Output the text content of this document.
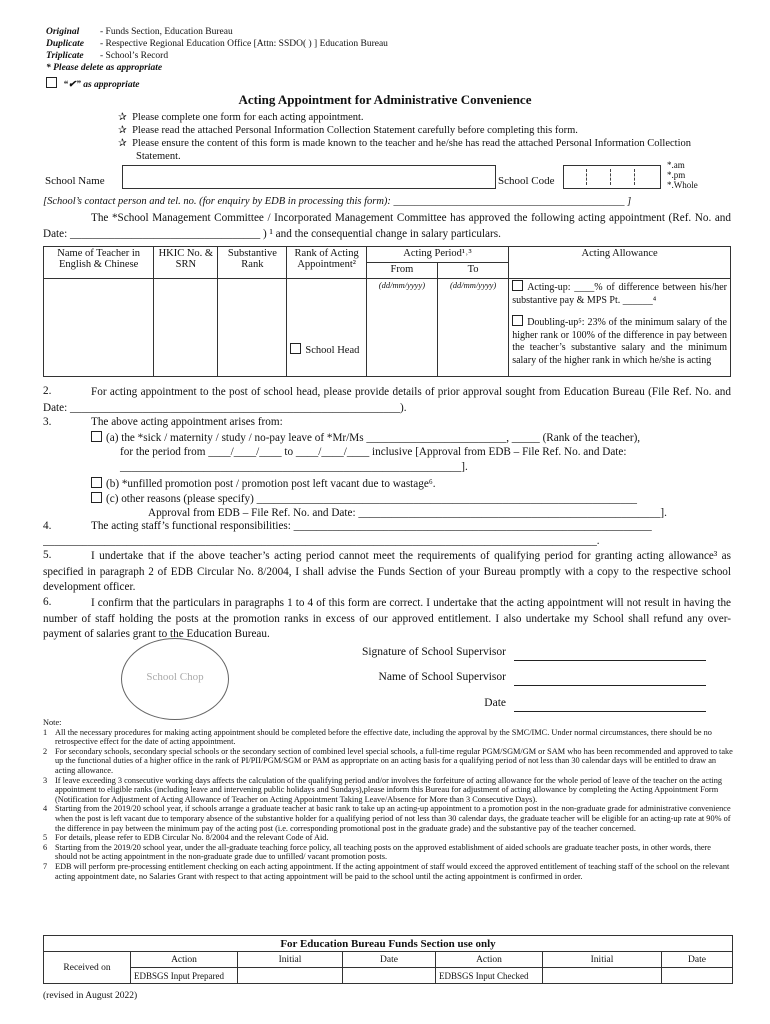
Original - Funds Section, Education Bureau
Duplicate - Respective Regional Education Office [Attn: SSDO( ) ] Education Bureau
Triplicate - School’s Record
* Please delete as appropriate
“✔” as appropriate
Acting Appointment for Administrative Convenience
✰  Please complete one form for each acting appointment.
✰  Please read the attached Personal Information Collection Statement carefully before completing this form.
✰  Please ensure the content of this form is made known to the teacher and he/she has read the attached Personal Information Collection Statement.
School Name	School Code
*.am
*.pm
*.Whole
[School’s contact person and tel. no. (for enquiry by EDB in processing this form): ____________________________________________ ]
The *School Management Committee / Incorporated Management Committee has approved the following acting appointment (Ref. No. and Date: __________________________________ ) ¹ and the consequential change in salary particulars.
Name of Teacher in English & Chinese	HKIC No. & SRN	Substantive Rank	Rank of Acting Appointment²	Acting Period¹˒³		Acting Allowance
				From	To	
			School Head	(dd/mm/yyyy)	(dd/mm/yyyy)	Acting-up: ____% of difference between his/her substantive pay & MPS Pt. ______⁴
Doubling-up⁵: 23% of the minimum salary of the higher rank or 100% of the difference in pay between the teacher’s substantive salary and the minimum salary of the higher rank in which he/she is acting
2.	For acting appointment to the post of school head, please provide details of prior approval sought from Education Bureau (File Ref. No. and Date: ___________________________________________________________).
3.	The above acting appointment arises from:
(a) the *sick / maternity / study / no-pay leave of *Mr/Ms _________________________, _____ (Rank of the teacher),
for the period from ____/____/____ to ____/____/____ inclusive [Approval from EDB – File Ref. No. and Date:
_____________________________________________________________].
(b) *unfilled promotion post / promotion post left vacant due to wastage⁶.
(c) other reasons (please specify) ____________________________________________________________________
Approval from EDB – File Ref. No. and Date: ______________________________________________________].
4.	The acting staff’s functional responsibilities: ________________________________________________________________
___________________________________________________________________________________________________.
5.	I undertake that if the above teacher’s acting period cannot meet the requirements of qualifying period for granting acting allowance³ as specified in paragraph 2 of EDB Circular No. 8/2004, I shall advise the Funds Section of your Bureau promptly with a copy to the respective school development officer.
6.	I confirm that the particulars in paragraphs 1 to 4 of this form are correct. I undertake that the acting appointment will not result in having the number of staff holding the posts at the promotion ranks in excess of our approved entitlement. I also undertake my School shall refund any over-payment of salaries grant to the Education Bureau.
School Chop
Signature of School Supervisor
Name of School Supervisor
Date
Note:
1 All the necessary procedures for making acting appointment should be completed before the effective date, including the approval by the SMC/IMC. Under normal circumstances, there should be no retrospective effect for the date of acting appointment.
2 For secondary schools, secondary special schools or the secondary section of combined level special schools, a full-time regular PGM/SGM/GM or SAM who has been recommended and approved to take up the functional duties of a higher office in the rank of PI/PII/PGM/SGM or PAM as appropriate on an acting basis for a qualifying period of not less than 30 calendar days will be entitled to draw an acting allowance.
3 If leave exceeding 3 consecutive working days affects the calculation of the qualifying period and/or involves the forfeiture of acting allowance for the whole period of leave of the teacher on the acting appointment to eligible ranks (including leave and intervening public holidays and Sundays),please inform this Bureau for adjustment of acting allowance by completing the Acting Appointment Form (Notification for Adjustment of Acting Allowance of Teacher on Acting Appointment Taking Leave/Absence for More than 3 Consecutive Days).
4 Starting from the 2019/20 school year, if schools arrange a graduate teacher at basic rank to take up an acting-up appointment to a promotion post in the non-graduate grade for administrative convenience when the post is left vacant due to temporary absence of the substantive holder for a qualifying period of not less than 30 calendar days, the graduate teacher will be eligible for an acting-up rate at 90% of the difference in pay between the minimum pay of the acting post (i.e. corresponding promotional post in the graduate grade) and the substantive pay of the teacher concerned.
5 For details, please refer to EDB Circular No. 8/2004 and the relevant Code of Aid.
6 Starting from the 2019/20 school year, under the all-graduate teaching force policy, all teaching posts on the approved establishment of aided schools are graduate teacher posts, in other words, there should not be acting appointment in the non-graduate grade due to unfilled/ vacant promotion posts.
7 EDB will perform pre-processing entitlement checking on each acting appointment. If the acting appointment of staff would exceed the approved entitlement of teaching staff of the school on the relevant acting appointment date, no Salaries Grant with respect to that acting appointment will be paid to the school until the acting appointment is confirmed in order.
For Education Bureau Funds Section use only						
Received on	Action	Initial	Date	Action	Initial	Date
	EDBSGS Input Prepared			EDBSGS Input Checked		
(revised in August 2022)
